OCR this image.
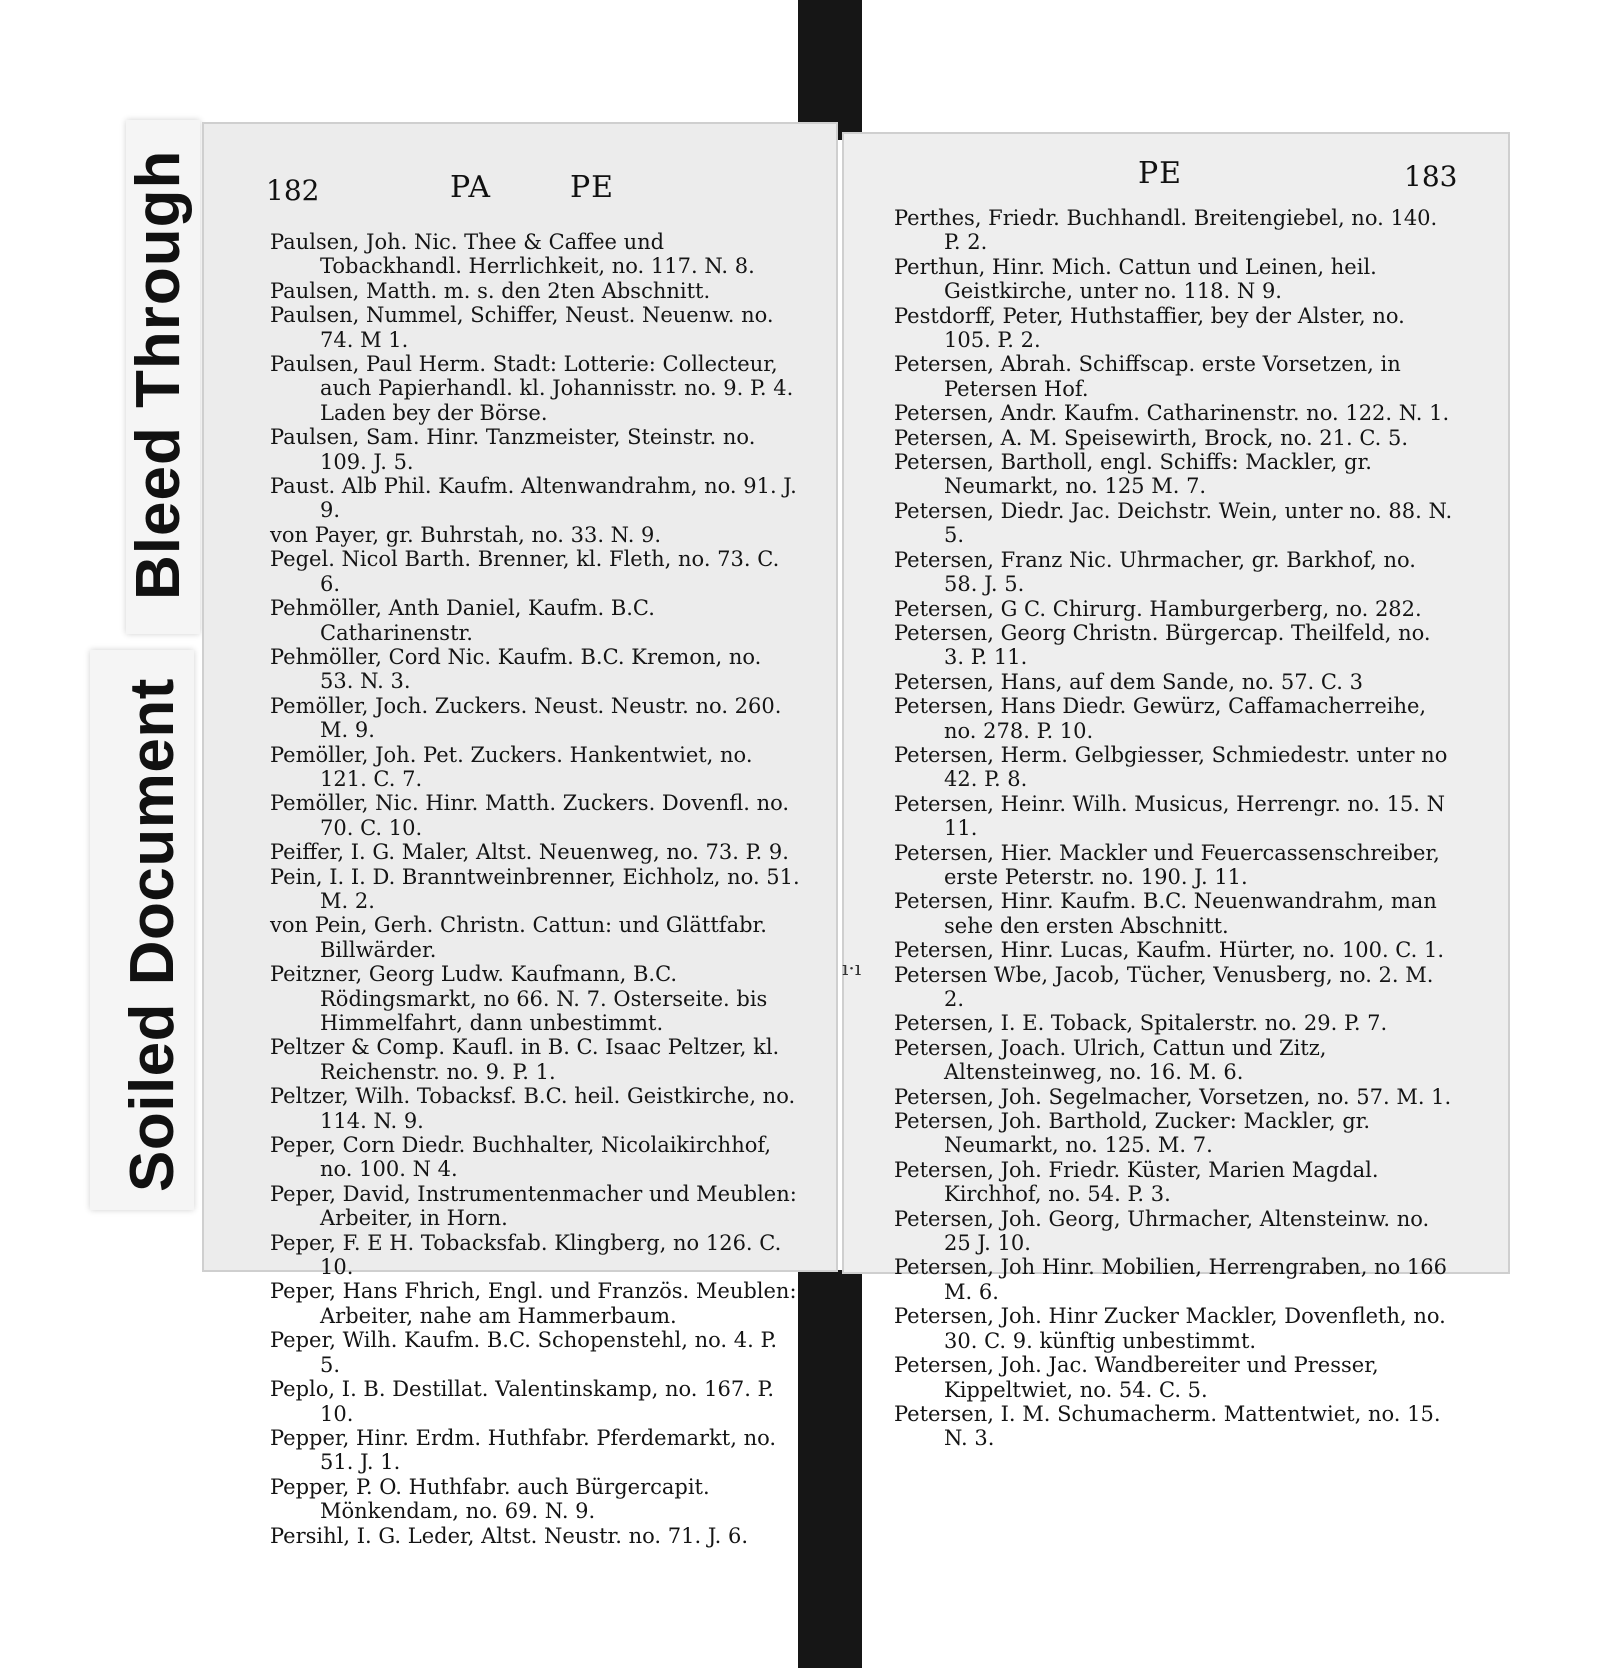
Bleed Through
Soiled Document
182	PA	PE
Paulsen, Joh. Nic. Thee & Caffee und Tobackhandl. Herrlichkeit, no. 117. N. 8.
Paulsen, Matth. m. s. den 2ten Abschnitt.
Paulsen, Nummel, Schiffer, Neust. Neuenw. no. 74. M 1.
Paulsen, Paul Herm. Stadt: Lotterie: Collecteur, auch Papierhandl. kl. Johannisstr. no. 9. P. 4. Laden bey der Börse.
Paulsen, Sam. Hinr. Tanzmeister, Steinstr. no. 109. J. 5.
Paust. Alb Phil. Kaufm. Altenwandrahm, no. 91. J. 9.
von Payer, gr. Buhrstah, no. 33. N. 9.
Pegel. Nicol Barth. Brenner, kl. Fleth, no. 73. C. 6.
Pehmöller, Anth Daniel, Kaufm. B.C. Catharinenstr.
Pehmöller, Cord Nic. Kaufm. B.C. Kremon, no. 53. N. 3.
Pemöller, Joch. Zuckers. Neust. Neustr. no. 260. M. 9.
Pemöller, Joh. Pet. Zuckers. Hankentwiet, no. 121. C. 7.
Pemöller, Nic. Hinr. Matth. Zuckers. Dovenfl. no. 70. C. 10.
Peiffer, I. G. Maler, Altst. Neuenweg, no. 73. P. 9.
Pein, I. I. D. Branntweinbrenner, Eichholz, no. 51. M. 2.
von Pein, Gerh. Christn. Cattun: und Glättfabr. Billwärder.
Peitzner, Georg Ludw. Kaufmann, B.C. Rödingsmarkt, no 66. N. 7. Osterseite. bis Himmelfahrt, dann unbestimmt.
Peltzer & Comp. Kaufl. in B. C. Isaac Peltzer, kl. Reichenstr. no. 9. P. 1.
Peltzer, Wilh. Tobacksf. B.C. heil. Geistkirche, no. 114. N. 9.
Peper, Corn Diedr. Buchhalter, Nicolaikirchhof, no. 100. N 4.
Peper, David, Instrumentenmacher und Meublen: Arbeiter, in Horn.
Peper, F. E H. Tobacksfab. Klingberg, no 126. C. 10.
Peper, Hans Fhrich, Engl. und Französ. Meublen: Arbeiter, nahe am Hammerbaum.
Peper, Wilh. Kaufm. B.C. Schopenstehl, no. 4. P. 5.
Peplo, I. B. Destillat. Valentinskamp, no. 167. P. 10.
Pepper, Hinr. Erdm. Huthfabr. Pferdemarkt, no. 51. J. 1.
Pepper, P. O. Huthfabr. auch Bürgercapit. Mönkendam, no. 69. N. 9.
Persihl, I. G. Leder, Altst. Neustr. no. 71. J. 6.
PE	183
Perthes, Friedr. Buchhandl. Breitengiebel, no. 140. P. 2.
Perthun, Hinr. Mich. Cattun und Leinen, heil. Geistkirche, unter no. 118. N 9.
Pestdorff, Peter, Huthstaffier, bey der Alster, no. 105. P. 2.
Petersen, Abrah. Schiffscap. erste Vorsetzen, in Petersen Hof.
Petersen, Andr. Kaufm. Catharinenstr. no. 122. N. 1.
Petersen, A. M. Speisewirth, Brock, no. 21. C. 5.
Petersen, Bartholl, engl. Schiffs: Mackler, gr. Neumarkt, no. 125 M. 7.
Petersen, Diedr. Jac. Deichstr. Wein, unter no. 88. N. 5.
Petersen, Franz Nic. Uhrmacher, gr. Barkhof, no. 58. J. 5.
Petersen, G C. Chirurg. Hamburgerberg, no. 282.
Petersen, Georg Christn. Bürgercap. Theilfeld, no. 3. P. 11.
Petersen, Hans, auf dem Sande, no. 57. C. 3
Petersen, Hans Diedr. Gewürz, Caffamacherreihe, no. 278. P. 10.
Petersen, Herm. Gelbgiesser, Schmiedestr. unter no 42. P. 8.
Petersen, Heinr. Wilh. Musicus, Herrengr. no. 15. N 11.
Petersen, Hier. Mackler und Feuercassenschreiber, erste Peterstr. no. 190. J. 11.
Petersen, Hinr. Kaufm. B.C. Neuenwandrahm, man sehe den ersten Abschnitt.
Petersen, Hinr. Lucas, Kaufm. Hürter, no. 100. C. 1.
Petersen Wbe, Jacob, Tücher, Venusberg, no. 2. M. 2.
Petersen, I. E. Toback, Spitalerstr. no. 29. P. 7.
Petersen, Joach. Ulrich, Cattun und Zitz, Altensteinweg, no. 16. M. 6.
Petersen, Joh. Segelmacher, Vorsetzen, no. 57. M. 1.
Petersen, Joh. Barthold, Zucker: Mackler, gr. Neumarkt, no. 125. M. 7.
Petersen, Joh. Friedr. Küster, Marien Magdal. Kirchhof, no. 54. P. 3.
Petersen, Joh. Georg, Uhrmacher, Altensteinw. no. 25 J. 10.
Petersen, Joh Hinr. Mobilien, Herrengraben, no 166 M. 6.
Petersen, Joh. Hinr Zucker Mackler, Dovenfleth, no. 30. C. 9. künftig unbestimmt.
Petersen, Joh. Jac. Wandbereiter und Presser, Kippeltwiet, no. 54. C. 5.
Petersen, I. M. Schumacherm. Mattentwiet, no. 15. N. 3.
ı·ı
